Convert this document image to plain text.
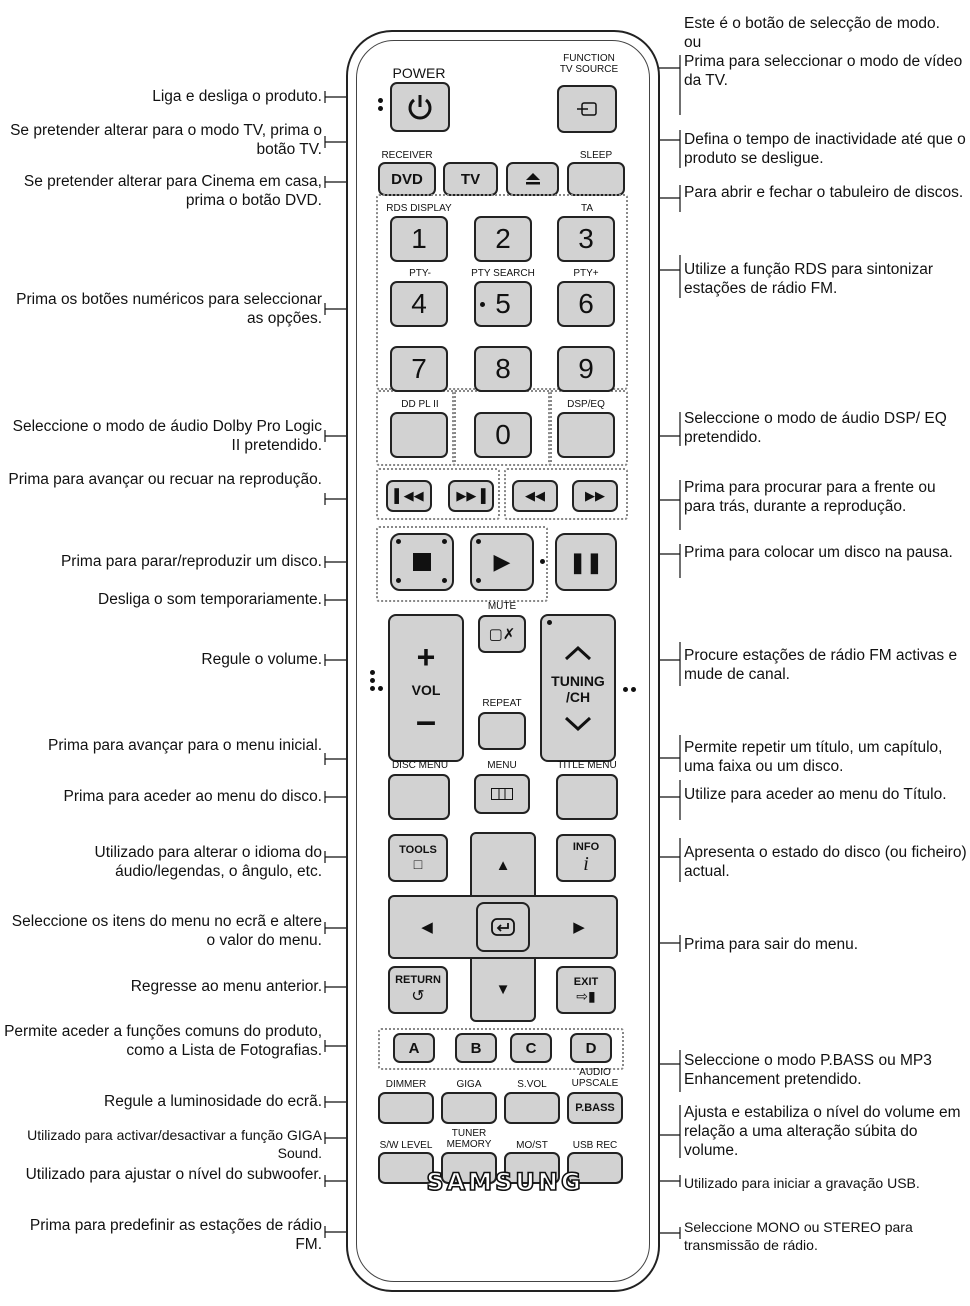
Liga e desliga o produto.
Se pretender alterar para o modo TV, prima o botão TV.
Se pretender alterar para Cinema em casa, prima o botão DVD.
Prima os botões numéricos para seleccionar as opções.
Seleccione o modo de áudio Dolby Pro Logic II pretendido.
Prima para avançar ou recuar na reprodução.
Prima para parar/reproduzir um disco.
Desliga o som temporariamente.
Regule o volume.
Prima para avançar para o menu inicial.
Prima para aceder ao menu do disco.
Utilizado para alterar o idioma do áudio/legendas, o ângulo, etc.
Seleccione os itens do menu no ecrã e altere o valor do menu.
Regresse ao menu anterior.
Permite aceder a funções comuns do produto, como a Lista de Fotografias.
Regule a luminosidade do ecrã.
Utilizado para activar/desactivar a função GIGA Sound.
Utilizado para ajustar o nível do subwoofer.
Prima para predefinir as estações de rádio FM.
Este é o botão de selecção de modo.
ou
Prima para seleccionar o modo de vídeo da TV.
Defina o tempo de inactividade até que o produto se desligue.
Para abrir e fechar o tabuleiro de discos.
Utilize a função RDS para sintonizar estações de rádio FM.
Seleccione o modo de áudio DSP/ EQ pretendido.
Prima para procurar para a frente ou para trás, durante a reprodução.
Prima para colocar um disco na pausa.
Procure estações de rádio FM activas e mude de canal.
Permite repetir um título, um capítulo, uma faixa ou um disco.
Utilize para aceder ao menu do Título.
Apresenta o estado do disco (ou ficheiro) actual.
Prima para sair do menu.
Seleccione o modo P.BASS ou MP3 Enhancement pretendido.
Ajusta e estabiliza o nível do volume em relação a uma alteração súbita do volume.
Utilizado para iniciar a gravação USB.
Seleccione MONO ou STEREO para transmissão de rádio.
POWER
FUNCTION
TV SOURCE
RECEIVER
DVD	TV
SLEEP
RDS DISPLAY	TA
1	2	3
PTY-	PTY SEARCH	PTY+
4	5	6
7	8	9
DD PL II
0
DSP/EQ
▌◀◀	▶▶▐	◀◀	▶▶
▶	❚❚
MUTE
▢✗
+
VOL
–
TUNING
/CH
REPEAT
DISC MENU	MENU	TITLE MENU
TOOLS
□
INFO
i
▲
▼
◀	▶
RETURN
↺
EXIT
⇨▮
A	B	C	D
DIMMER	GIGA	S.VOL
AUDIO
UPSCALE
P.BASS
S/W LEVEL
TUNER
MEMORY	MO/ST	USB REC
SAMSUNG
